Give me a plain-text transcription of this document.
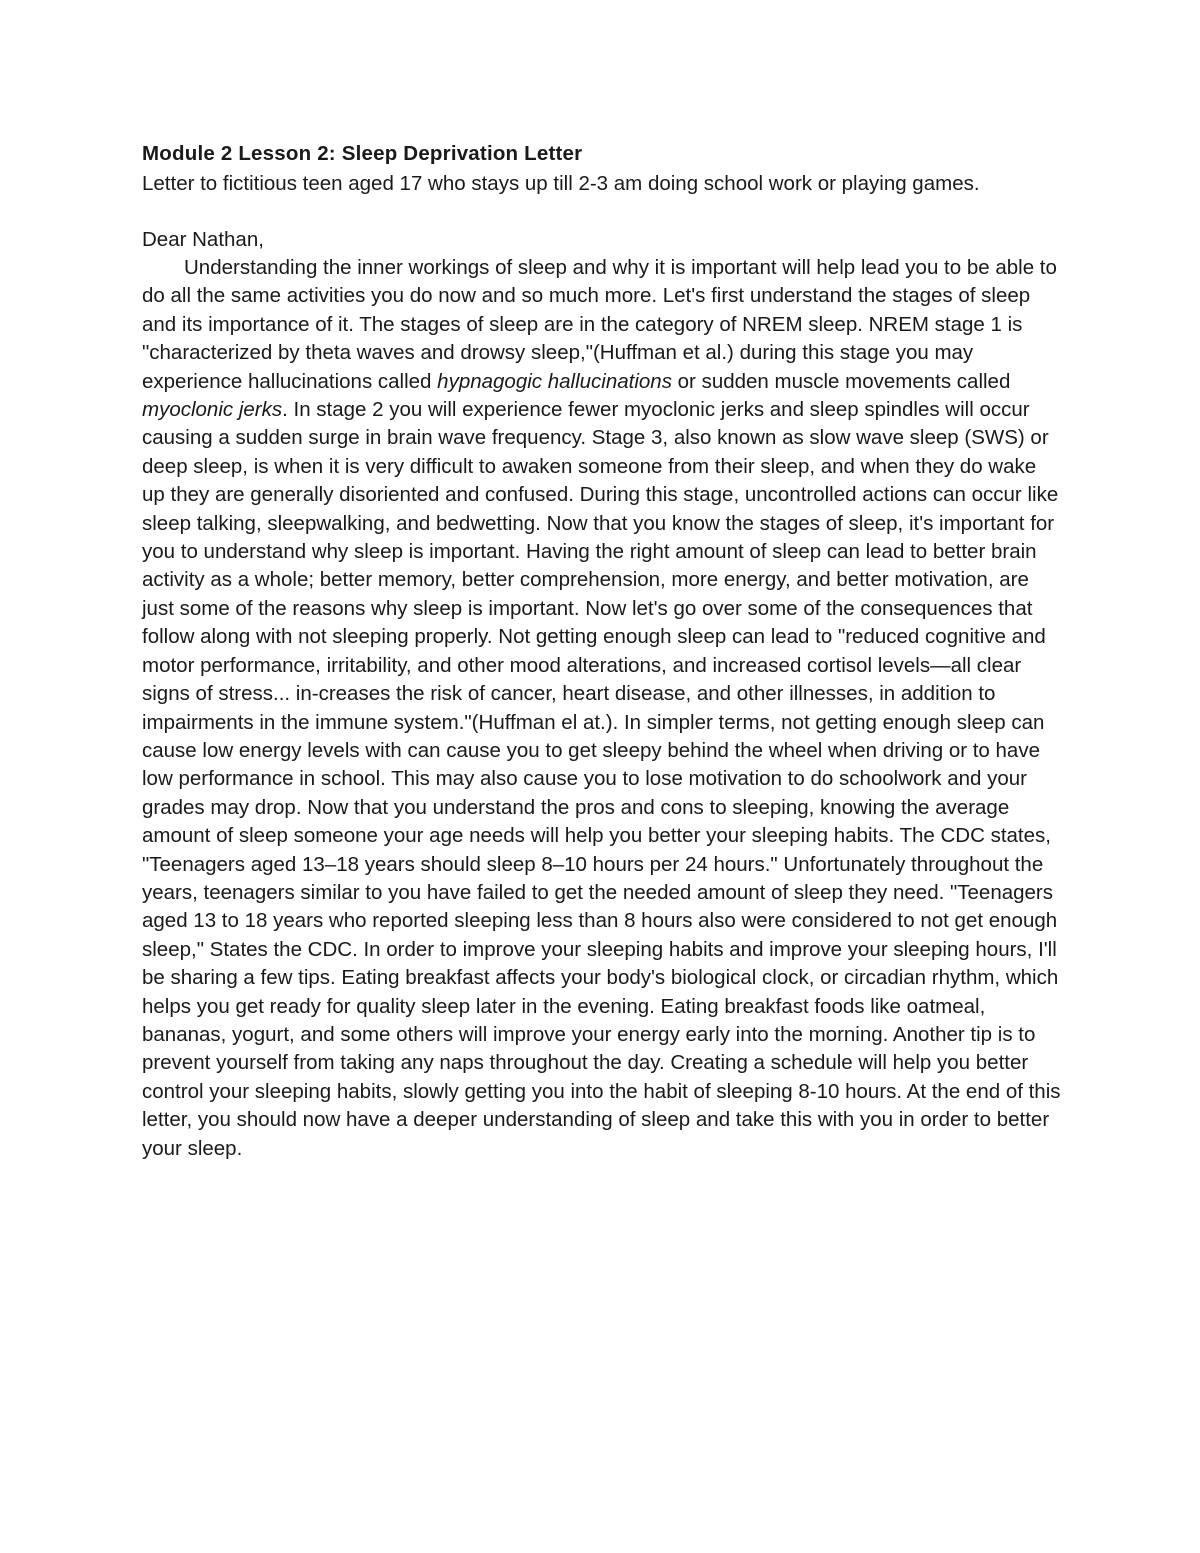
Module 2 Lesson 2: Sleep Deprivation Letter

Letter to fictitious teen aged 17 who stays up till 2-3 am doing school work or playing games.

Dear Nathan,

Understanding the inner workings of sleep and why it is important will help lead you to be able to do all the same activities you do now and so much more. Let's first understand the stages of sleep and its importance of it. The stages of sleep are in the category of NREM sleep. NREM stage 1 is "characterized by theta waves and drowsy sleep,"(Huffman et al.) during this stage you may experience hallucinations called hypnagogic hallucinations or sudden muscle movements called myoclonic jerks. In stage 2 you will experience fewer myoclonic jerks and sleep spindles will occur causing a sudden surge in brain wave frequency. Stage 3, also known as slow wave sleep (SWS) or deep sleep, is when it is very difficult to awaken someone from their sleep, and when they do wake up they are generally disoriented and confused. During this stage, uncontrolled actions can occur like sleep talking, sleepwalking, and bedwetting. Now that you know the stages of sleep, it's important for you to understand why sleep is important. Having the right amount of sleep can lead to better brain activity as a whole; better memory, better comprehension, more energy, and better motivation, are just some of the reasons why sleep is important. Now let's go over some of the consequences that follow along with not sleeping properly. Not getting enough sleep can lead to "reduced cognitive and motor performance, irritability, and other mood alterations, and increased cortisol levels—all clear signs of stress... in-creases the risk of cancer, heart disease, and other illnesses, in addition to impairments in the immune system."(Huffman el at.). In simpler terms, not getting enough sleep can cause low energy levels with can cause you to get sleepy behind the wheel when driving or to have low performance in school. This may also cause you to lose motivation to do schoolwork and your grades may drop. Now that you understand the pros and cons to sleeping, knowing the average amount of sleep someone your age needs will help you better your sleeping habits. The CDC states, "Teenagers aged 13–18 years should sleep 8–10 hours per 24 hours." Unfortunately throughout the years, teenagers similar to you have failed to get the needed amount of sleep they need. "Teenagers aged 13 to 18 years who reported sleeping less than 8 hours also were considered to not get enough sleep," States the CDC. In order to improve your sleeping habits and improve your sleeping hours, I'll be sharing a few tips. Eating breakfast affects your body's biological clock, or circadian rhythm, which helps you get ready for quality sleep later in the evening. Eating breakfast foods like oatmeal, bananas, yogurt, and some others will improve your energy early into the morning. Another tip is to prevent yourself from taking any naps throughout the day. Creating a schedule will help you better control your sleeping habits, slowly getting you into the habit of sleeping 8-10 hours. At the end of this letter, you should now have a deeper understanding of sleep and take this with you in order to better your sleep.
